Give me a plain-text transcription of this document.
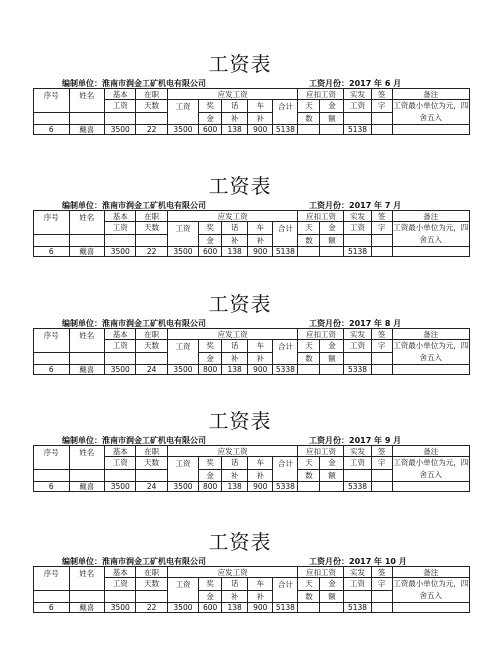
工资表
编制单位：淮南市润金工矿机电有限公司	工资月份：2017 年 6 月
序号	姓名	基本	在职	应发工资					应扣工资		实发	签	备注
		工资	天数	工资	奖	话	车	合计	天	金	工资	字	工资最小单位为元，四舍五入
					金	补	补		数	额			
6	戴喜	3500	22	3500	600	138	900	5138			5138		
工资表
编制单位：淮南市润金工矿机电有限公司	工资月份：2017 年 7 月
序号	姓名	基本	在职	应发工资					应扣工资		实发	签	备注
		工资	天数	工资	奖	话	车	合计	天	金	工资	字	工资最小单位为元，四舍五入
					金	补	补		数	额			
6	戴喜	3500	22	3500	600	138	900	5138			5138		
工资表
编制单位：淮南市润金工矿机电有限公司	工资月份：2017 年 8 月
序号	姓名	基本	在职	应发工资					应扣工资		实发	签	备注
		工资	天数	工资	奖	话	车	合计	天	金	工资	字	工资最小单位为元，四舍五入
					金	补	补		数	额			
6	戴喜	3500	24	3500	800	138	900	5338			5338		
工资表
编制单位：淮南市润金工矿机电有限公司	工资月份：2017 年 9 月
序号	姓名	基本	在职	应发工资					应扣工资		实发	签	备注
		工资	天数	工资	奖	话	车	合计	天	金	工资	字	工资最小单位为元，四舍五入
					金	补	补		数	额			
6	戴喜	3500	24	3500	800	138	900	5338			5338		
工资表
编制单位：淮南市润金工矿机电有限公司	工资月份：2017 年 10 月
序号	姓名	基本	在职	应发工资					应扣工资		实发	签	备注
		工资	天数	工资	奖	话	车	合计	天	金	工资	字	工资最小单位为元，四舍五入
					金	补	补		数	额			
6	戴喜	3500	22	3500	600	138	900	5138			5138		
